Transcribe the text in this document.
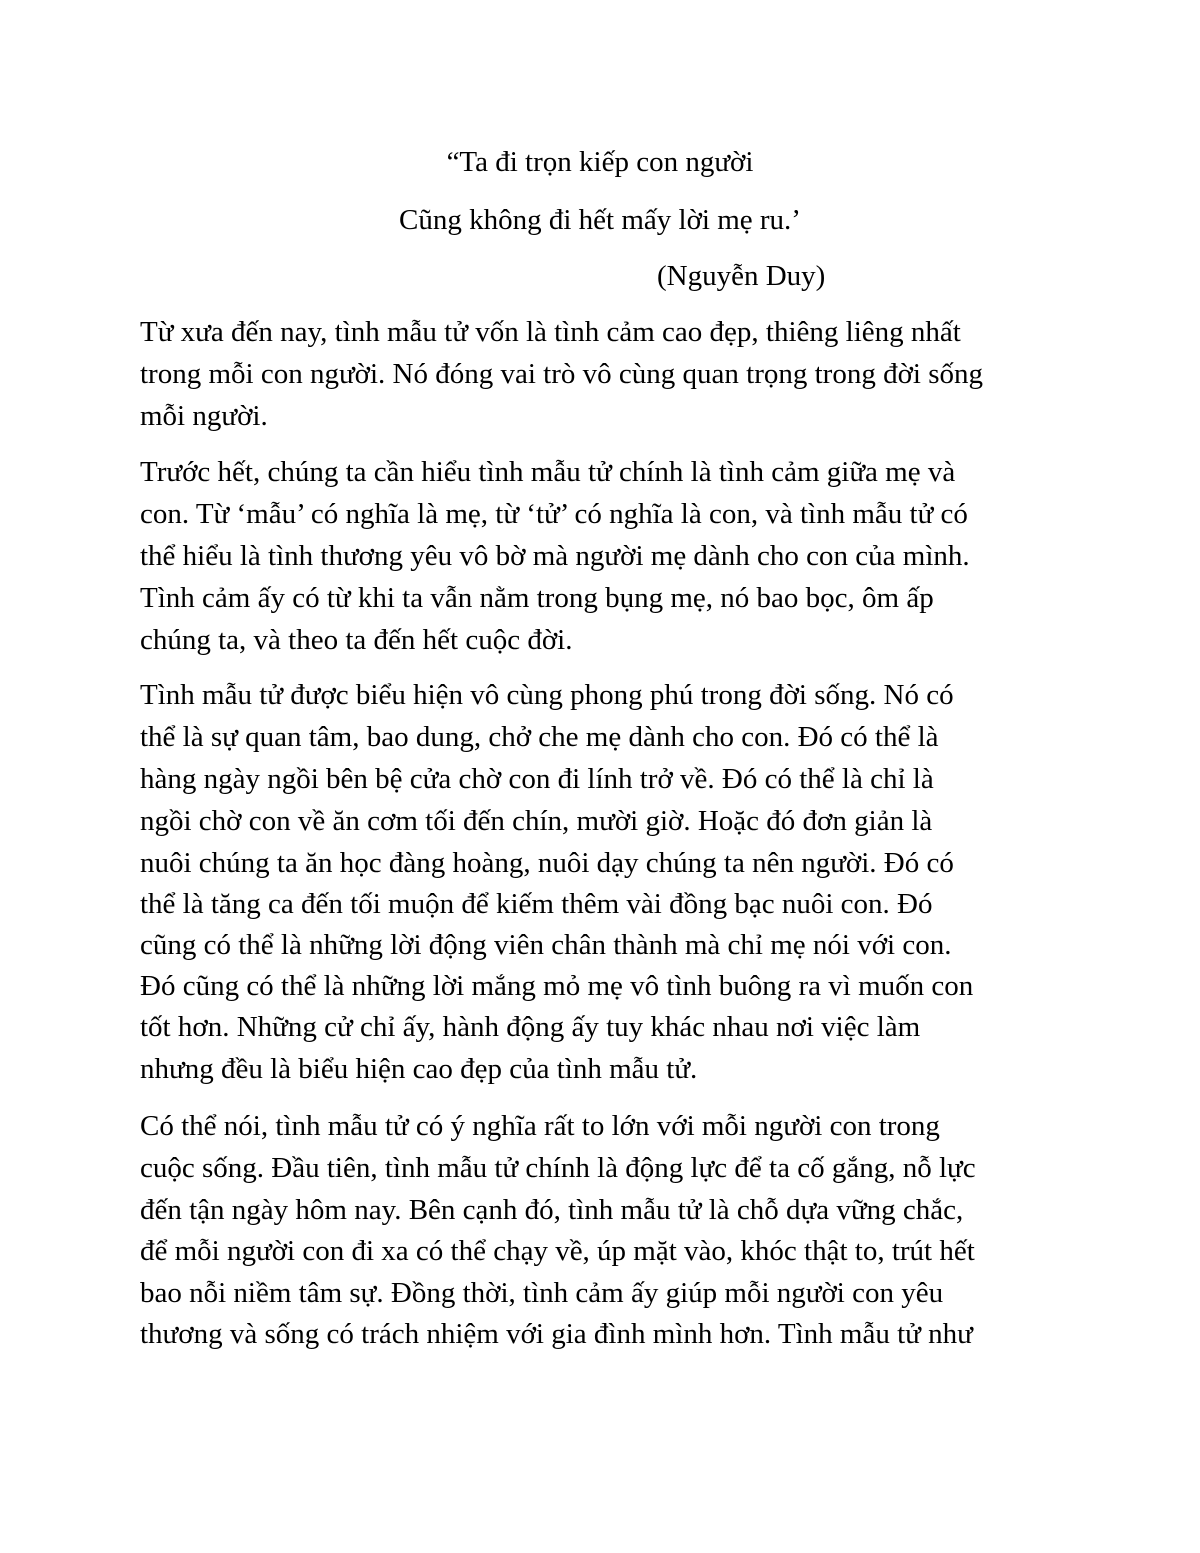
“Ta đi trọn kiếp con người
Cũng không đi hết mấy lời mẹ ru.’
(Nguyễn Duy)
Từ xưa đến nay, tình mẫu tử vốn là tình cảm cao đẹp, thiêng liêng nhất
trong mỗi con người. Nó đóng vai trò vô cùng quan trọng trong đời sống
mỗi người.
Trước hết, chúng ta cần hiểu tình mẫu tử chính là tình cảm giữa mẹ và
con. Từ ‘mẫu’ có nghĩa là mẹ, từ ‘tử’ có nghĩa là con, và tình mẫu tử có
thể hiểu là tình thương yêu vô bờ mà người mẹ dành cho con của mình.
Tình cảm ấy có từ khi ta vẫn nằm trong bụng mẹ, nó bao bọc, ôm ấp
chúng ta, và theo ta đến hết cuộc đời.
Tình mẫu tử được biểu hiện vô cùng phong phú trong đời sống. Nó có
thể là sự quan tâm, bao dung, chở che mẹ dành cho con. Đó có thể là
hàng ngày ngồi bên bệ cửa chờ con đi lính trở về. Đó có thể là chỉ là
ngồi chờ con về ăn cơm tối đến chín, mười giờ. Hoặc đó đơn giản là
nuôi chúng ta ăn học đàng hoàng, nuôi dạy chúng ta nên người. Đó có
thể là tăng ca đến tối muộn để kiếm thêm vài đồng bạc nuôi con. Đó
cũng có thể là những lời động viên chân thành mà chỉ mẹ nói với con.
Đó cũng có thể là những lời mắng mỏ mẹ vô tình buông ra vì muốn con
tốt hơn. Những cử chỉ ấy, hành động ấy tuy khác nhau nơi việc làm
nhưng đều là biểu hiện cao đẹp của tình mẫu tử.
Có thể nói, tình mẫu tử có ý nghĩa rất to lớn với mỗi người con trong
cuộc sống. Đầu tiên, tình mẫu tử chính là động lực để ta cố gắng, nỗ lực
đến tận ngày hôm nay. Bên cạnh đó, tình mẫu tử là chỗ dựa vững chắc,
để mỗi người con đi xa có thể chạy về, úp mặt vào, khóc thật to, trút hết
bao nỗi niềm tâm sự. Đồng thời, tình cảm ấy giúp mỗi người con yêu
thương và sống có trách nhiệm với gia đình mình hơn. Tình mẫu tử như
